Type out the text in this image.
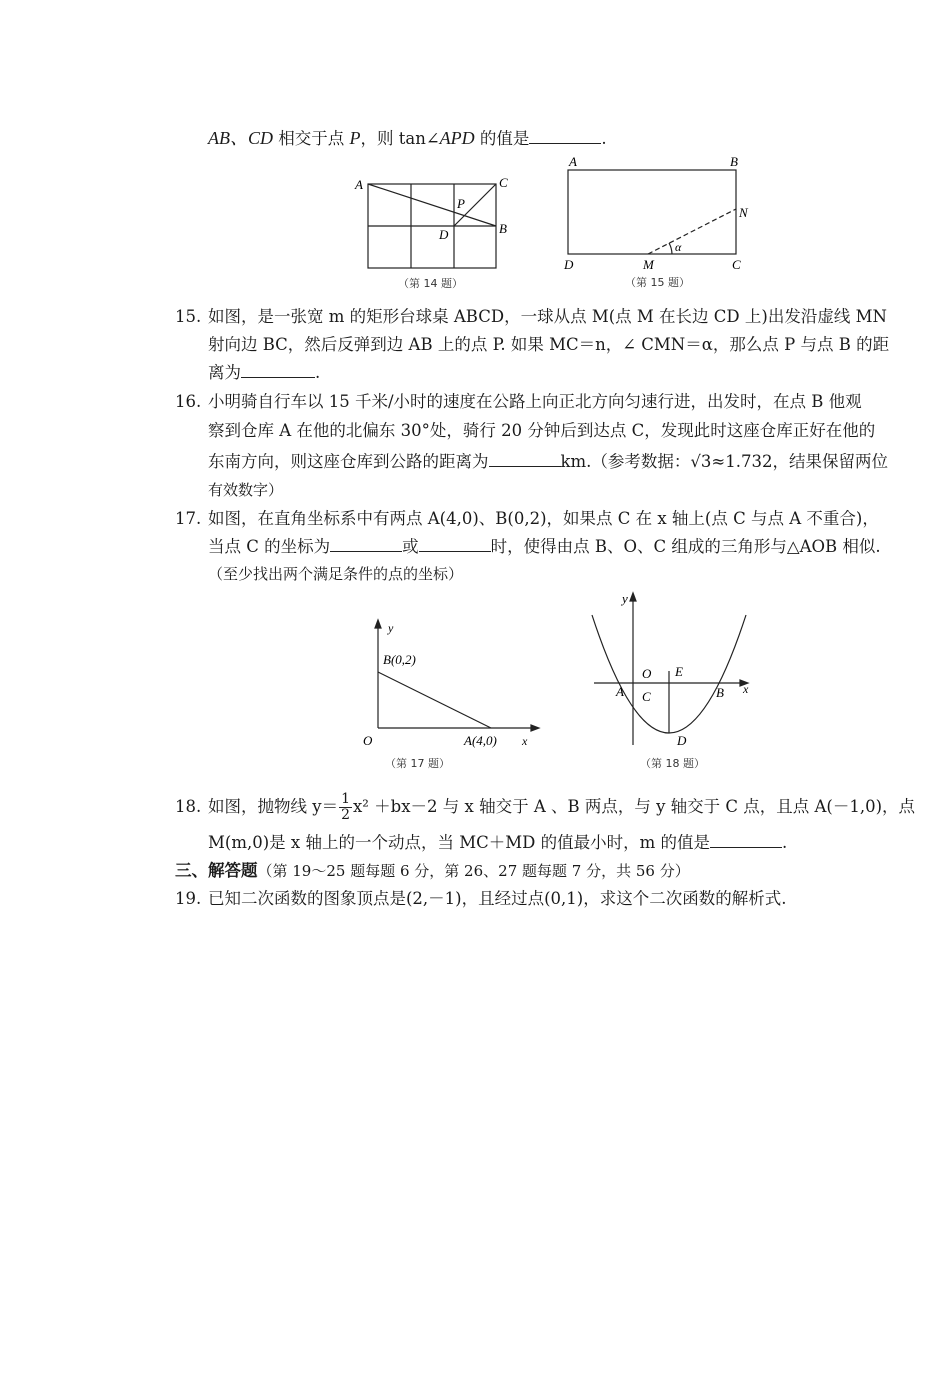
AB、CD 相交于点 P，则 tan∠APD 的值是	.
A	C
P
D	B
（第 14 题）
A	B
N
D	M	C
α
（第 15 题）
15. 如图，是一张宽 m 的矩形台球桌 ABCD，一球从点 M(点 M 在长边 CD 上)出发沿虚线 MN
射向边 BC，然后反弹到边 AB 上的点 P. 如果 MC＝n，∠ CMN＝α，那么点 P 与点 B 的距
离为	.
16. 小明骑自行车以 15 千米/小时的速度在公路上向正北方向匀速行进，出发时，在点 B 他观
察到仓库 A 在他的北偏东 30°处，骑行 20 分钟后到达点 C，发现此时这座仓库正好在他的
东南方向，则这座仓库到公路的距离为	km.（参考数据：√3≈1.732，结果保留两位
有效数字）
17. 如图，在直角坐标系中有两点 A(4,0)、B(0,2)，如果点 C 在 x 轴上(点 C 与点 A 不重合)，
当点 C 的坐标为	或	时，使得由点 B、O、C 组成的三角形与△AOB 相似.
（至少找出两个满足条件的点的坐标）
y
B(0,2)
O	A(4,0) x
（第 17 题）
y
O E
A C	B x
D
（第 18 题）
18. 如图，抛物线 $y= \frac{1}{2} x^2 +bx-2$ 与 x 轴交于 A 、B 两点，与 y 轴交于 C 点，且点 A(－1,0)，点
M(m,0)是 x 轴上的一个动点，当 MC＋MD 的值最小时，m 的值是	.
三、解答题（第 19～25 题每题 6 分，第 26、27 题每题 7 分，共 56 分）
19. 已知二次函数的图象顶点是(2,－1)，且经过点(0,1)，求这个二次函数的解析式.
